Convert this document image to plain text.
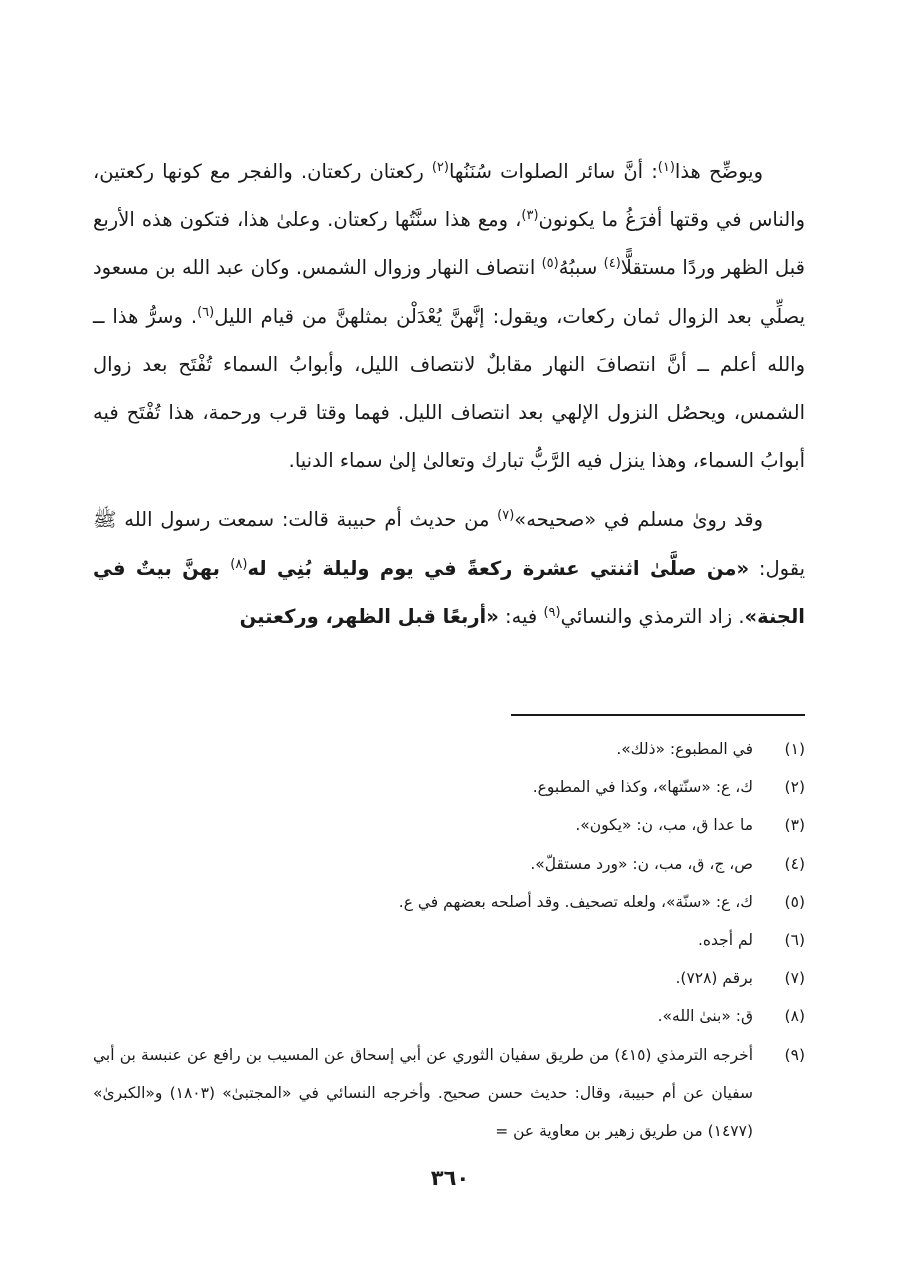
ويوضِّح هذا$^{(١)}$: أنَّ سائر الصلوات سُنَنُها$^{(٢)}$ ركعتان ركعتان. والفجر مع كونها ركعتين، والناس في وقتها أفرَغُ ما يكونون$^{(٣)}$، ومع هذا سنَّتُها ركعتان. وعلىٰ هذا، فتكون هذه الأربع قبل الظهر وردًا مستقلًّا$^{(٤)}$ سببُهُ$^{(٥)}$ انتصاف النهار وزوال الشمس. وكان عبد الله بن مسعود يصلِّي بعد الزوال ثمان ركعات، ويقول: إنَّهنَّ يُعْدَلْن بمثلهنَّ من قيام الليل$^{(٦)}$. وسرُّ هذا ــ والله أعلم ــ أنَّ انتصافَ النهار مقابلٌ لانتصاف الليل، وأبوابُ السماء تُفْتَح بعد زوال الشمس، ويحصُل النزول الإلهي بعد انتصاف الليل. فهما وقتا قرب ورحمة، هذا تُفْتَح فيه أبوابُ السماء، وهذا ينزل فيه الرَّبُّ تبارك وتعالىٰ إلىٰ سماء الدنيا.

وقد روىٰ مسلم في «صحيحه»$^{(٧)}$ من حديث أم حبيبة قالت: سمعت رسول الله ﷺ يقول: «من صلَّىٰ اثنتي عشرة ركعةً في يوم وليلة بُنِي له$^{(٨)}$ بهنَّ بيتٌ في الجنة». زاد الترمذي والنسائي$^{(٩)}$ فيه: «أربعًا قبل الظهر، وركعتين

(١)
في المطبوع: «ذلك».
(٢)
ك، ع: «سنّتها»، وكذا في المطبوع.
(٣)
ما عدا ق، مب، ن: «يكون».
(٤)
ص، ج، ق، مب، ن: «ورد مستقلّ».
(٥)
ك، ع: «سنّة»، ولعله تصحيف. وقد أصلحه بعضهم في ع.
(٦)
لم أجده.
(٧)
برقم (٧٢٨).
(٨)
ق: «بنىٰ الله».
(٩)
أخرجه الترمذي (٤١٥) من طريق سفيان الثوري عن أبي إسحاق عن المسيب بن رافع عن عنبسة بن أبي سفيان عن أم حبيبة، وقال: حديث حسن صحيح. وأخرجه النسائي في «المجتبىٰ» (١٨٠٣) و«الكبرىٰ» (١٤٧٧) من طريق زهير بن معاوية عن =
٣٦٠
